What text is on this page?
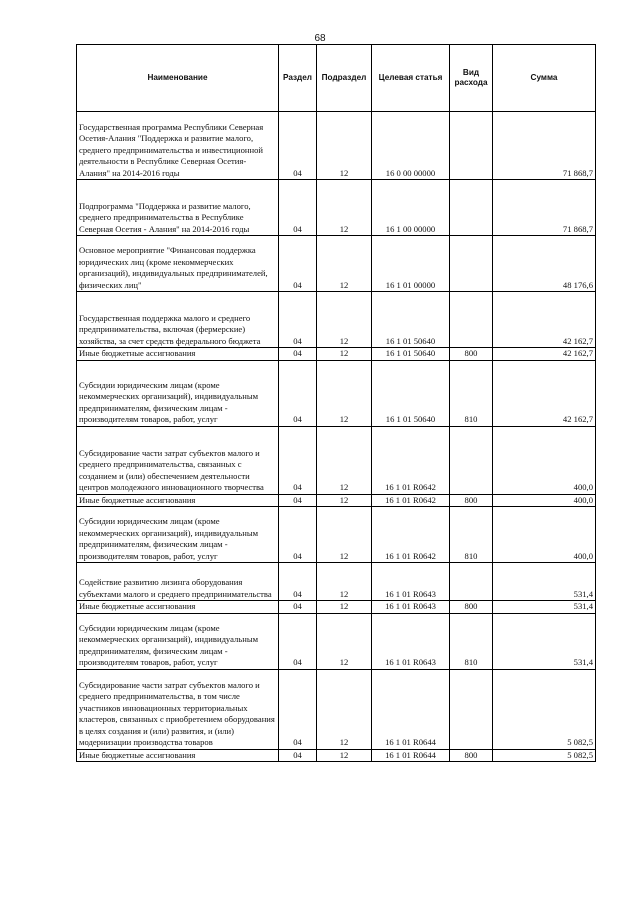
68
Наименование	Раздел	Подраздел	Целевая статья	Вид расхода	Сумма
Государственная программа Республики Северная Осетия-Алания "Поддержка и развитие малого, среднего предпринимательства и инвестиционной деятельности в Республике Северная Осетия-Алания" на 2014-2016 годы	04	12	16 0 00 00000		71 868,7
Подпрограмма "Поддержка и развитие малого, среднего предпринимательства в Республике Северная Осетия - Алания" на 2014-2016 годы	04	12	16 1 00 00000		71 868,7
Основное мероприятие "Финансовая поддержка юридических лиц (кроме некоммерческих организаций), индивидуальных предпринимателей, физических лиц"	04	12	16 1 01 00000		48 176,6
Государственная поддержка малого и среднего предпринимательства, включая (фермерские) хозяйства, за счет средств федерального бюджета	04	12	16 1 01 50640		42 162,7
Иные бюджетные ассигнования	04	12	16 1 01 50640	800	42 162,7
Субсидии юридическим лицам (кроме некоммерческих организаций), индивидуальным предпринимателям, физическим лицам - производителям товаров, работ, услуг	04	12	16 1 01 50640	810	42 162,7
Субсидирование части затрат субъектов малого и среднего предпринимательства, связанных с созданием и (или) обеспечением деятельности центров молодежного инновационного творчества	04	12	16 1 01 R0642		400,0
Иные бюджетные ассигнования	04	12	16 1 01 R0642	800	400,0
Субсидии юридическим лицам (кроме некоммерческих организаций), индивидуальным предпринимателям, физическим лицам - производителям товаров, работ, услуг	04	12	16 1 01 R0642	810	400,0
Содействие развитию лизинга оборудования субъектами малого и среднего предпринимательства	04	12	16 1 01 R0643		531,4
Иные бюджетные ассигнования	04	12	16 1 01 R0643	800	531,4
Субсидии юридическим лицам (кроме некоммерческих организаций), индивидуальным предпринимателям, физическим лицам - производителям товаров, работ, услуг	04	12	16 1 01 R0643	810	531,4
Субсидирование части затрат субъектов малого и среднего предпринимательства, в том числе участников инновационных территориальных кластеров, связанных с приобретением оборудования в целях создания и (или) развития, и (или) модернизации производства товаров	04	12	16 1 01 R0644		5 082,5
Иные бюджетные ассигнования	04	12	16 1 01 R0644	800	5 082,5
